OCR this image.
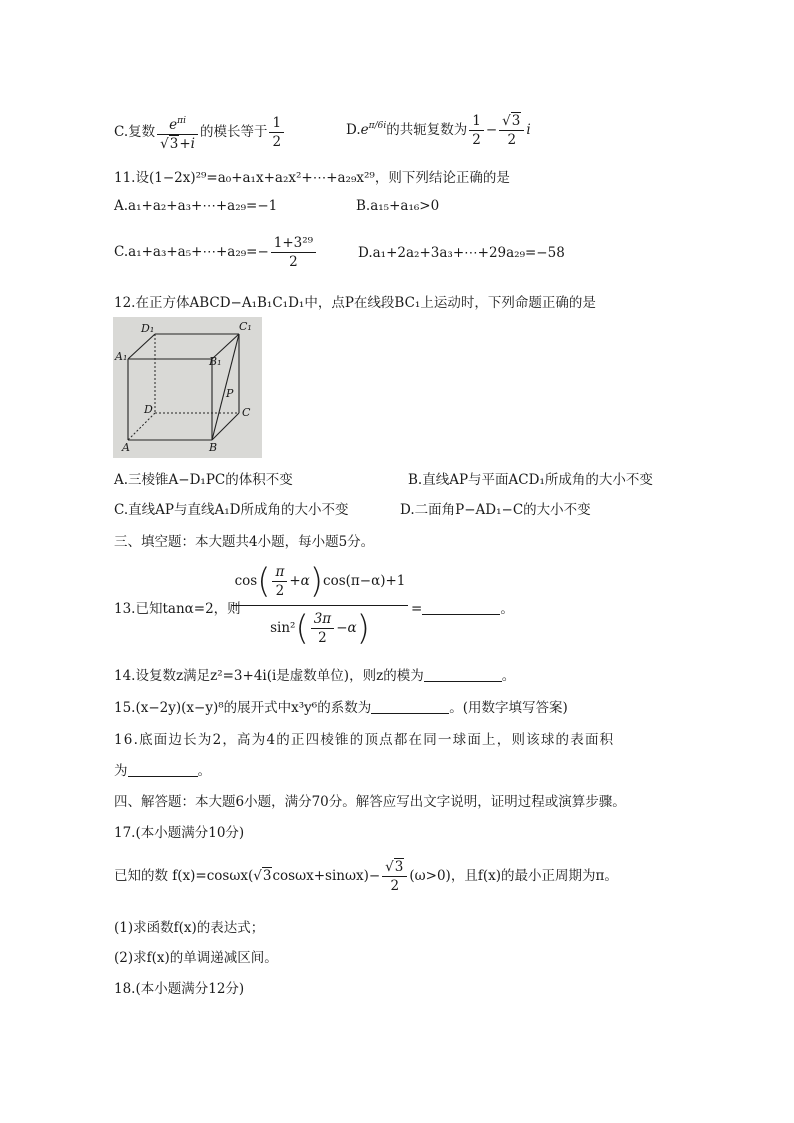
C.复数 $\frac{e^{\pi i}}{√3+i}$ 的模长等于 $\frac{1}{2}$	$D.e^{\pi/6i}$的共轭复数为 $\frac{1}{2} - \frac{√3}{2}$ i
11.设(1−2x)²⁹=a₀+a₁x+a₂x²+⋯+a₂₉x²⁹，则下列结论正确的是
A.a₁+a₂+a₃+⋯+a₂₉=−1	B.a₁₅+a₁₆>0
C.a₁+a₃+a₅+⋯+a₂₉=− $\frac{\text{1+3²⁹}}{2}$	D.a₁+2a₂+3a₃+⋯+29a₂₉=−58
12.在正方体ABCD−A₁B₁C₁D₁中，点P在线段BC₁上运动时，下列命题正确的是
D₁	C₁
A₁	B₁
P
D	C
A	B
A.三棱锥A−D₁PC的体积不变	B.直线AP与平面ACD₁所成角的大小不变
C.直线AP与直线A₁D所成角的大小不变	D.二面角P−AD₁−C的大小不变
三、填空题：本大题共4小题，每小题5分。
13.已知tanα=2，则
$\cos( \frac{\pi}{2} +\alpha)\cos(\pi-\alpha)+1$
$\sin^2( \frac{3\pi}{2} -\alpha)$	=	。
14.设复数z满足z²=3+4i(i是虚数单位)，则z的模为	。
15.(x−2y)(x−y)⁸的展开式中x³y⁶的系数为	。(用数字填写答案)
16.底面边长为2，高为4的正四棱锥的顶点都在同一球面上，则该球的表面积
为	。
四、解答题：本大题6小题，满分70分。解答应写出文字说明，证明过程或演算步骤。
17.(本小题满分10分)
已知的数 $f(x)=\cos\omega x(√3\cos\omega x+\sin\omega x)- \frac{√3}{2} (\omega>0)$，且f(x)的最小正周期为π。
(1)求函数f(x)的表达式；
(2)求f(x)的单调递减区间。
18.(本小题满分12分)
